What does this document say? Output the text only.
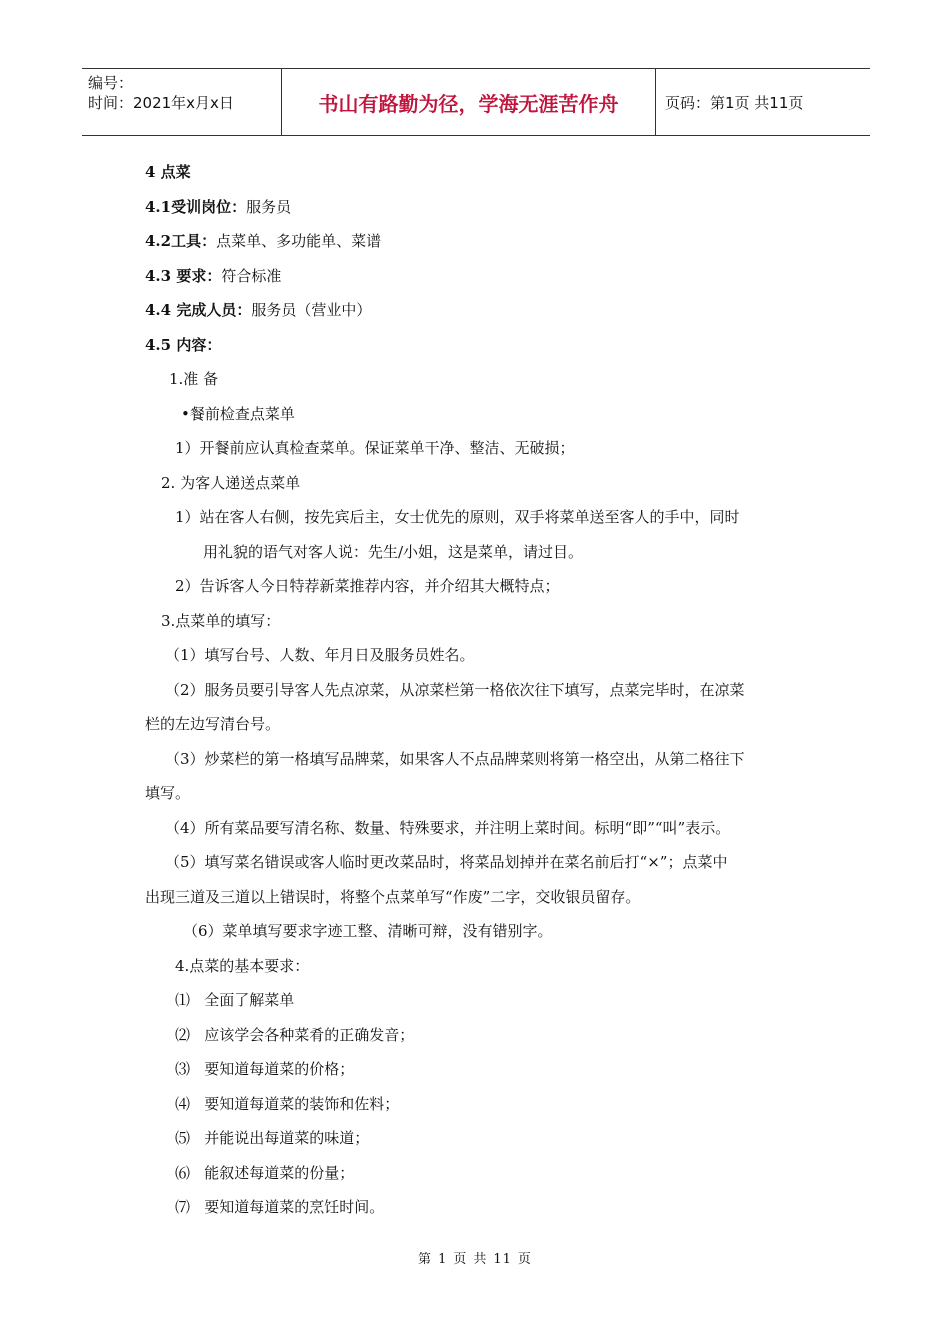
编号：
时间：2021年x月x日	书山有路勤为径，学海无涯苦作舟	页码：第1页 共11页
4 点菜
4.1受训岗位：服务员
4.2工具：点菜单、多功能单、菜谱
4.3 要求：符合标准
4.4 完成人员：服务员（营业中）
4.5 内容：
1.准 备
•餐前检查点菜单
1）开餐前应认真检查菜单。保证菜单干净、整洁、无破损；
2. 为客人递送点菜单
1）站在客人右侧，按先宾后主，女士优先的原则，双手将菜单送至客人的手中，同时
用礼貌的语气对客人说：先生/小姐，这是菜单，请过目。
2）告诉客人今日特荐新菜推荐内容，并介绍其大概特点；
3.点菜单的填写：
（1）填写台号、人数、年月日及服务员姓名。
（2）服务员要引导客人先点凉菜，从凉菜栏第一格依次往下填写，点菜完毕时，在凉菜
栏的左边写清台号。
（3）炒菜栏的第一格填写品牌菜，如果客人不点品牌菜则将第一格空出，从第二格往下
填写。
（4）所有菜品要写清名称、数量、特殊要求，并注明上菜时间。标明“即”“叫”表示。
（5）填写菜名错误或客人临时更改菜品时，将菜品划掉并在菜名前后打“×”；点菜中
出现三道及三道以上错误时，将整个点菜单写“作废”二字，交收银员留存。
（6）菜单填写要求字迹工整、清晰可辩，没有错别字。
4.点菜的基本要求：
⑴   全面了解菜单
⑵   应该学会各种菜肴的正确发音；
⑶   要知道每道菜的价格；
⑷   要知道每道菜的装饰和佐料；
⑸   并能说出每道菜的味道；
⑹   能叙述每道菜的份量；
⑺   要知道每道菜的烹饪时间。
第 1 页 共 11 页
